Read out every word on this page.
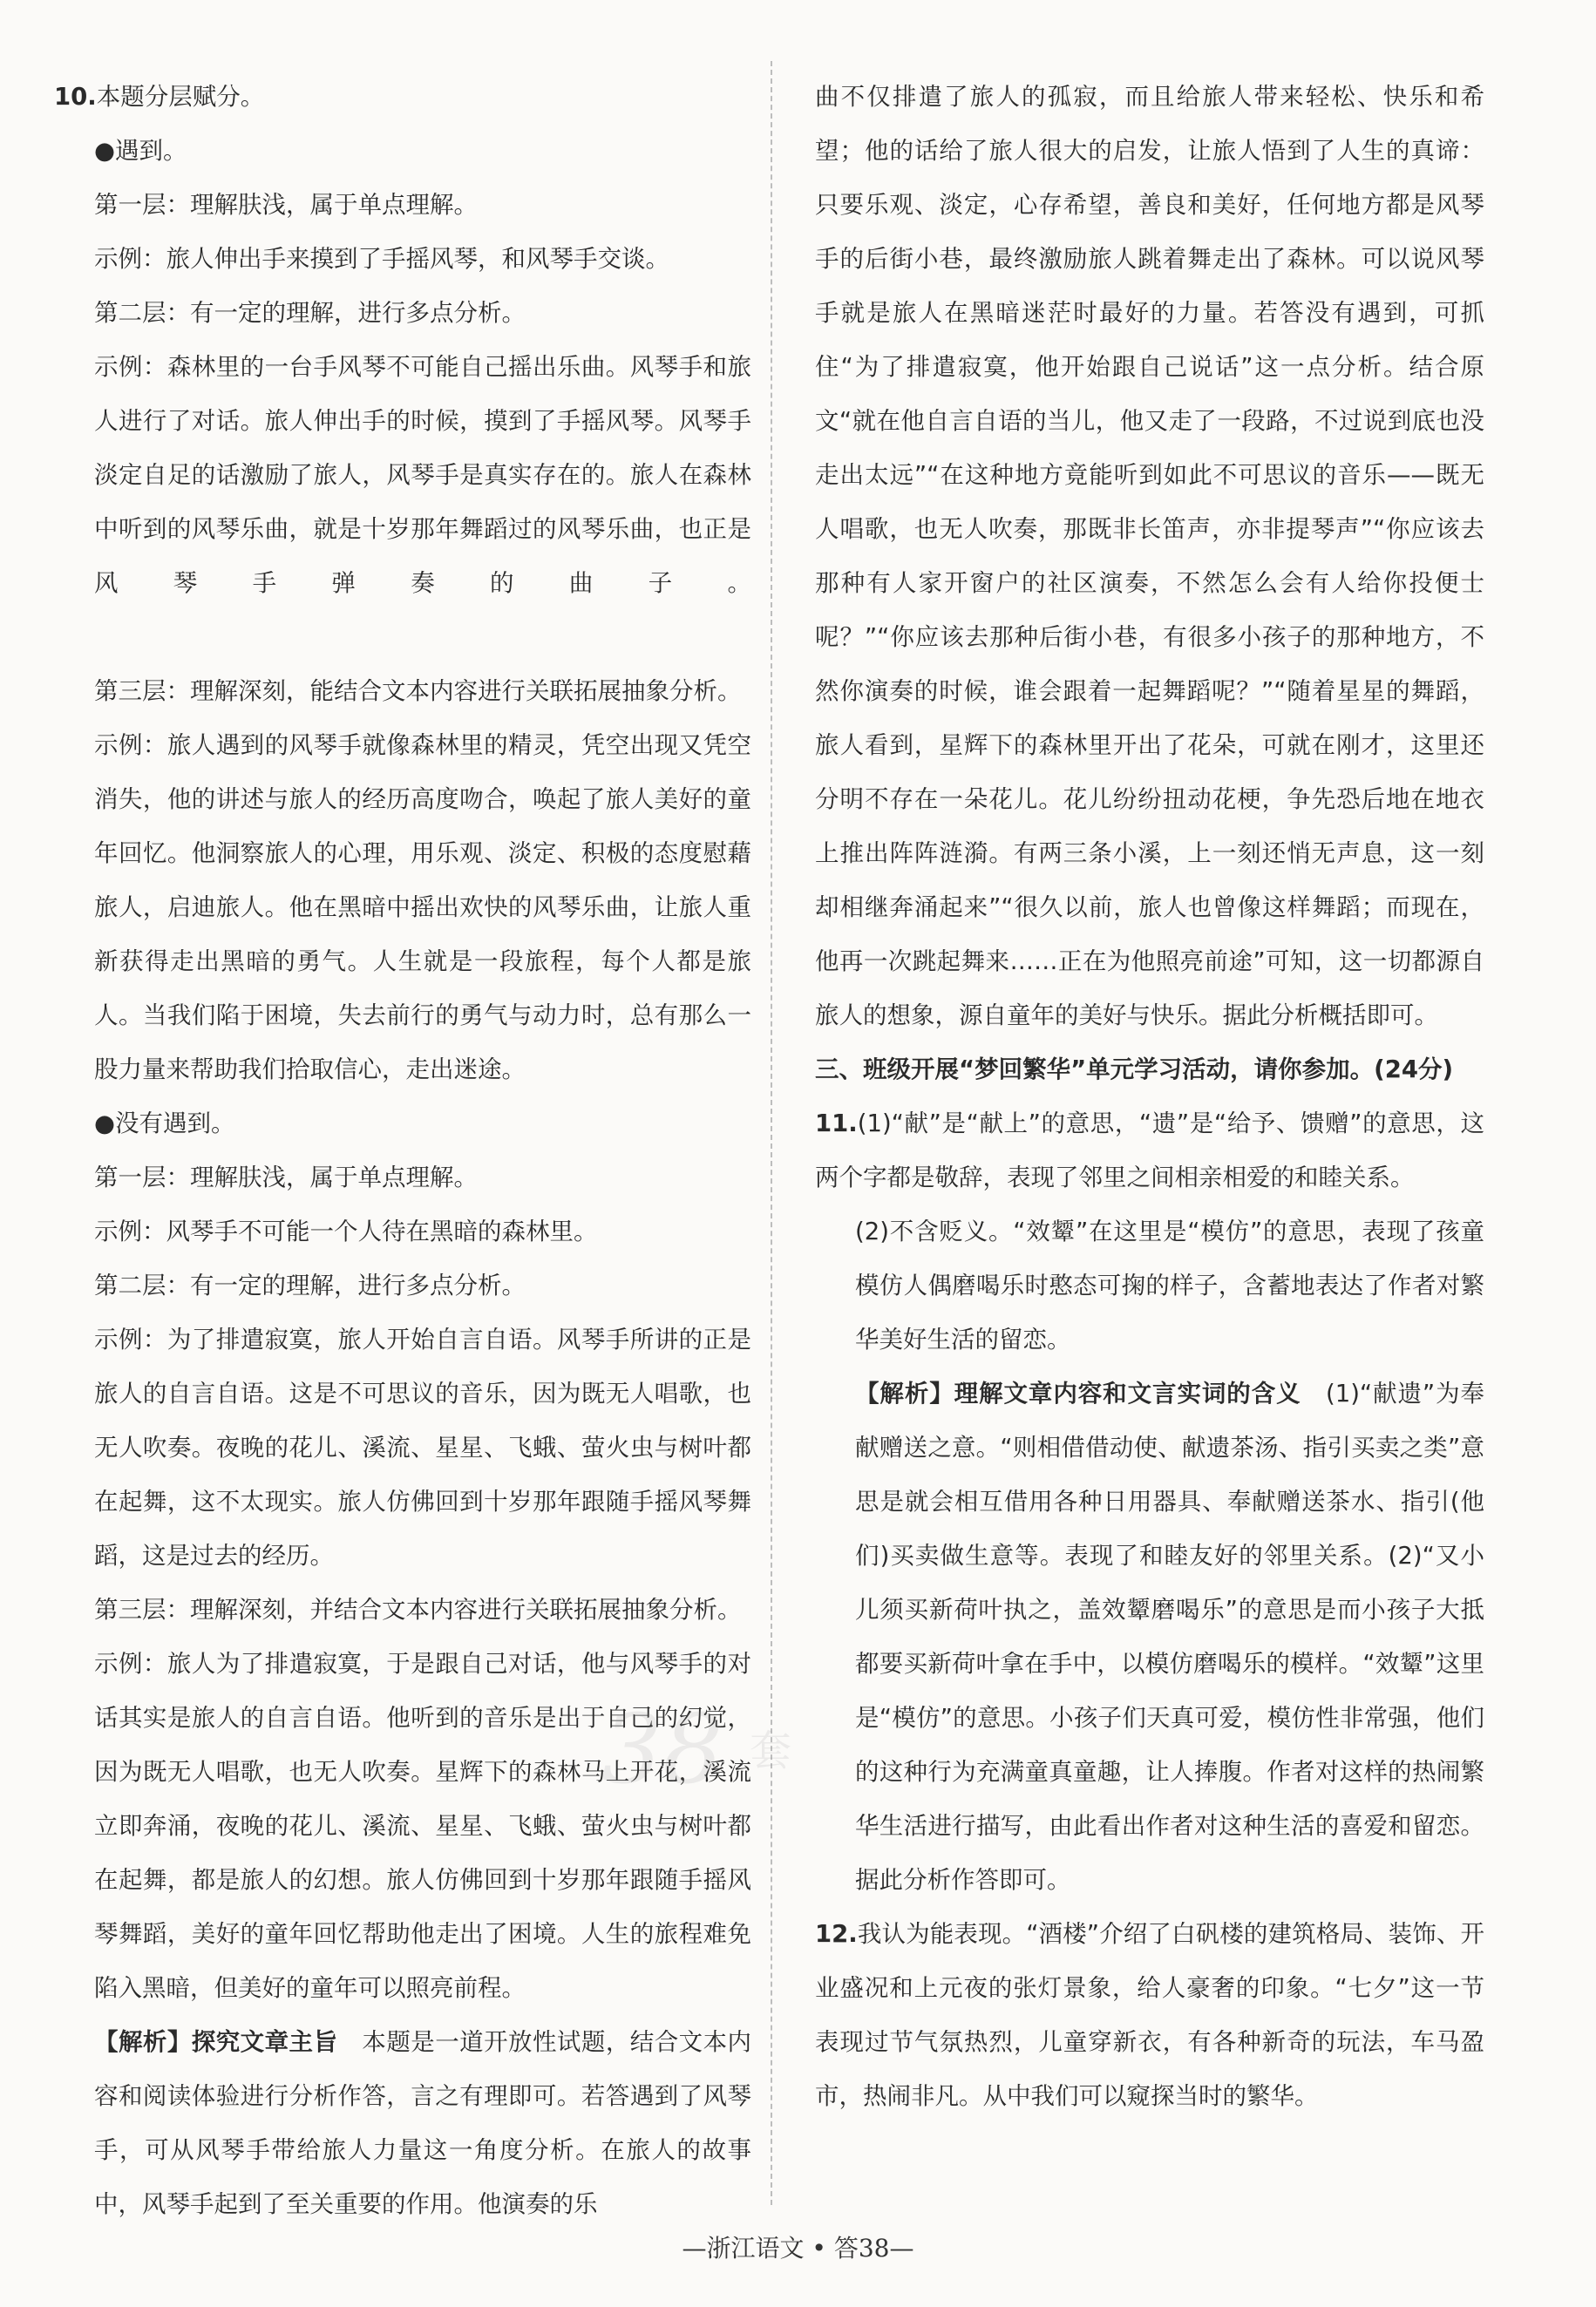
10.本题分层赋分。
●遇到。
第一层：理解肤浅，属于单点理解。
示例：旅人伸出手来摸到了手摇风琴，和风琴手交谈。
第二层：有一定的理解，进行多点分析。
示例：森林里的一台手风琴不可能自己摇出乐曲。风琴手和旅人进行了对话。旅人伸出手的时候，摸到了手摇风琴。风琴手淡定自足的话激励了旅人，风琴手是真实存在的。旅人在森林中听到的风琴乐曲，就是十岁那年舞蹈过的风琴乐曲，也正是风琴手弹奏的曲子。
第三层：理解深刻，能结合文本内容进行关联拓展抽象分析。
示例：旅人遇到的风琴手就像森林里的精灵，凭空出现又凭空消失，他的讲述与旅人的经历高度吻合，唤起了旅人美好的童年回忆。他洞察旅人的心理，用乐观、淡定、积极的态度慰藉旅人，启迪旅人。他在黑暗中摇出欢快的风琴乐曲，让旅人重新获得走出黑暗的勇气。人生就是一段旅程，每个人都是旅人。当我们陷于困境，失去前行的勇气与动力时，总有那么一股力量来帮助我们拾取信心，走出迷途。
●没有遇到。
第一层：理解肤浅，属于单点理解。
示例：风琴手不可能一个人待在黑暗的森林里。
第二层：有一定的理解，进行多点分析。
示例：为了排遣寂寞，旅人开始自言自语。风琴手所讲的正是旅人的自言自语。这是不可思议的音乐，因为既无人唱歌，也无人吹奏。夜晚的花儿、溪流、星星、飞蛾、萤火虫与树叶都在起舞，这不太现实。旅人仿佛回到十岁那年跟随手摇风琴舞蹈，这是过去的经历。
第三层：理解深刻，并结合文本内容进行关联拓展抽象分析。
示例：旅人为了排遣寂寞，于是跟自己对话，他与风琴手的对话其实是旅人的自言自语。他听到的音乐是出于自己的幻觉，因为既无人唱歌，也无人吹奏。星辉下的森林马上开花，溪流立即奔涌，夜晚的花儿、溪流、星星、飞蛾、萤火虫与树叶都在起舞，都是旅人的幻想。旅人仿佛回到十岁那年跟随手摇风琴舞蹈，美好的童年回忆帮助他走出了困境。人生的旅程难免陷入黑暗，但美好的童年可以照亮前程。
【解析】探究文章主旨　 本题是一道开放性试题，结合文本内容和阅读体验进行分析作答，言之有理即可。若答遇到了风琴手，可从风琴手带给旅人力量这一角度分析。在旅人的故事中，风琴手起到了至关重要的作用。他演奏的乐
曲不仅排遣了旅人的孤寂，而且给旅人带来轻松、快乐和希望；他的话给了旅人很大的启发，让旅人悟到了人生的真谛：只要乐观、淡定，心存希望，善良和美好，任何地方都是风琴手的后街小巷，最终激励旅人跳着舞走出了森林。可以说风琴手就是旅人在黑暗迷茫时最好的力量。若答没有遇到，可抓住“为了排遣寂寞，他开始跟自己说话”这一点分析。结合原文“就在他自言自语的当儿，他又走了一段路，不过说到底也没走出太远”“在这种地方竟能听到如此不可思议的音乐——既无人唱歌，也无人吹奏，那既非长笛声，亦非提琴声”“你应该去那种有人家开窗户的社区演奏，不然怎么会有人给你投便士呢？”“你应该去那种后街小巷，有很多小孩子的那种地方，不然你演奏的时候，谁会跟着一起舞蹈呢？”“随着星星的舞蹈，旅人看到，星辉下的森林里开出了花朵，可就在刚才，这里还分明不存在一朵花儿。花儿纷纷扭动花梗，争先恐后地在地衣上推出阵阵涟漪。有两三条小溪，上一刻还悄无声息，这一刻却相继奔涌起来”“很久以前，旅人也曾像这样舞蹈；而现在，他再一次跳起舞来……正在为他照亮前途”可知，这一切都源自旅人的想象，源自童年的美好与快乐。据此分析概括即可。
三、班级开展“梦回繁华”单元学习活动，请你参加。(24分)
11.(1)“献”是“献上”的意思，“遗”是“给予、馈赠”的意思，这两个字都是敬辞，表现了邻里之间相亲相爱的和睦关系。
(2)不含贬义。“效颦”在这里是“模仿”的意思，表现了孩童模仿人偶磨喝乐时憨态可掬的样子，含蓄地表达了作者对繁华美好生活的留恋。
【解析】理解文章内容和文言实词的含义　 (1)“献遗”为奉献赠送之意。“则相借借动使、献遗茶汤、指引买卖之类”意思是就会相互借用各种日用器具、奉献赠送茶水、指引(他们)买卖做生意等。表现了和睦友好的邻里关系。(2)“又小儿须买新荷叶执之，盖效颦磨喝乐”的意思是而小孩子大抵都要买新荷叶拿在手中，以模仿磨喝乐的模样。“效颦”这里是“模仿”的意思。小孩子们天真可爱，模仿性非常强，他们的这种行为充满童真童趣，让人捧腹。作者对这样的热闹繁华生活进行描写，由此看出作者对这种生活的喜爱和留恋。据此分析作答即可。
12.我认为能表现。“酒楼”介绍了白矾楼的建筑格局、装饰、开业盛况和上元夜的张灯景象，给人豪奢的印象。“七夕”这一节表现过节气氛热烈，儿童穿新衣，有各种新奇的玩法，车马盈市，热闹非凡。从中我们可以窥探当时的繁华。
38 套
—浙江语文 • 答38—
